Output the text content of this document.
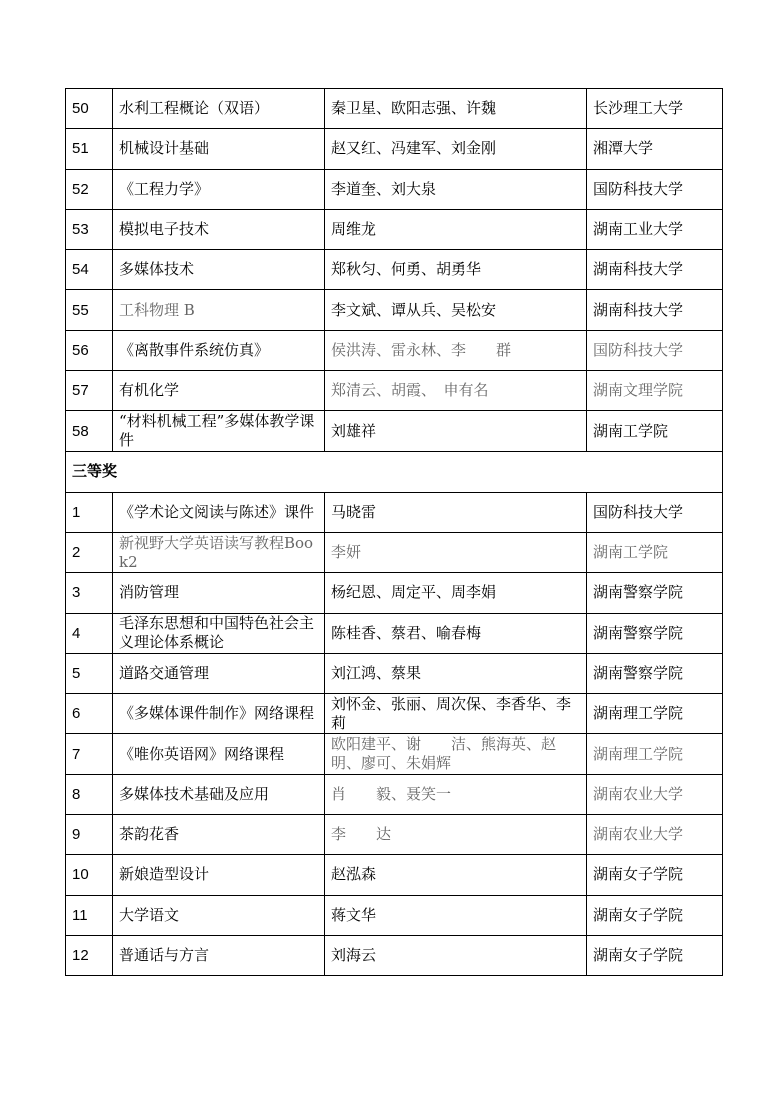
50	水利工程概论（双语）	秦卫星、欧阳志强、许魏	长沙理工大学
51	机械设计基础	赵又红、冯建军、刘金刚	湘潭大学
52	《工程力学》	李道奎、刘大泉	国防科技大学
53	模拟电子技术	周维龙	湖南工业大学
54	多媒体技术	郑秋匀、何勇、胡勇华	湖南科技大学
55	工科物理 B	李文斌、谭从兵、吴松安	湖南科技大学
56	《离散事件系统仿真》	侯洪涛、雷永林、李　　群	国防科技大学
57	有机化学	郑清云、胡霞、　申有名	湖南文理学院
58	“材料机械工程”多媒体教学课件	刘雄祥	湖南工学院
三等奖			
1	《学术论文阅读与陈述》课件	马晓雷	国防科技大学
2	新视野大学英语读写教程Book2	李妍	湖南工学院
3	消防管理	杨纪恩、周定平、周李娟	湖南警察学院
4	毛泽东思想和中国特色社会主义理论体系概论	陈桂香、蔡君、喻春梅	湖南警察学院
5	道路交通管理	刘江鸿、蔡果	湖南警察学院
6	《多媒体课件制作》网络课程	刘怀金、张丽、周次保、李香华、李莉	湖南理工学院
7	《唯你英语网》网络课程	欧阳建平、谢　　洁、熊海英、赵明、廖可、朱娟辉	湖南理工学院
8	多媒体技术基础及应用	肖　　毅、聂笑一	湖南农业大学
9	茶韵花香	李　　达	湖南农业大学
10	新娘造型设计	赵泓森	湖南女子学院
11	大学语文	蒋文华	湖南女子学院
12	普通话与方言	刘海云	湖南女子学院
